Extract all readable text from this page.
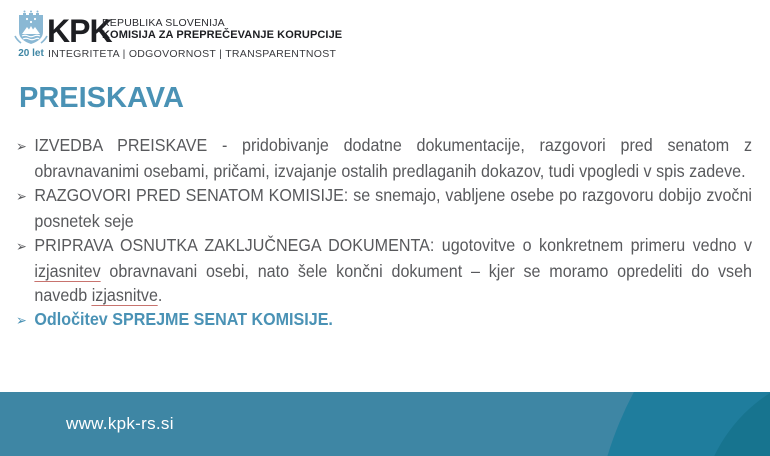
20 let
KPK
REPUBLIKA SLOVENIJA
KOMISIJA ZA PREPREČEVANJE KORUPCIJE
INTEGRITETA | ODGOVORNOST | TRANSPARENTNOST
PREISKAVA
➢ IZVEDBA PREISKAVE - pridobivanje dodatne dokumentacije, razgovori pred senatom z obravnavanimi osebami, pričami, izvajanje ostalih predlaganih dokazov, tudi vpogledi v spis zadeve.
➢ RAZGOVORI PRED SENATOM KOMISIJE: se snemajo, vabljene osebe po razgovoru dobijo zvočni posnetek seje
➢ PRIPRAVA OSNUTKA ZAKLJUČNEGA DOKUMENTA: ugotovitve o konkretnem primeru vedno v izjasnitev obravnavani osebi, nato šele končni dokument – kjer se moramo opredeliti do vseh navedb izjasnitve.
➢ Odločitev SPREJME SENAT KOMISIJE.
www.kpk-rs.si
